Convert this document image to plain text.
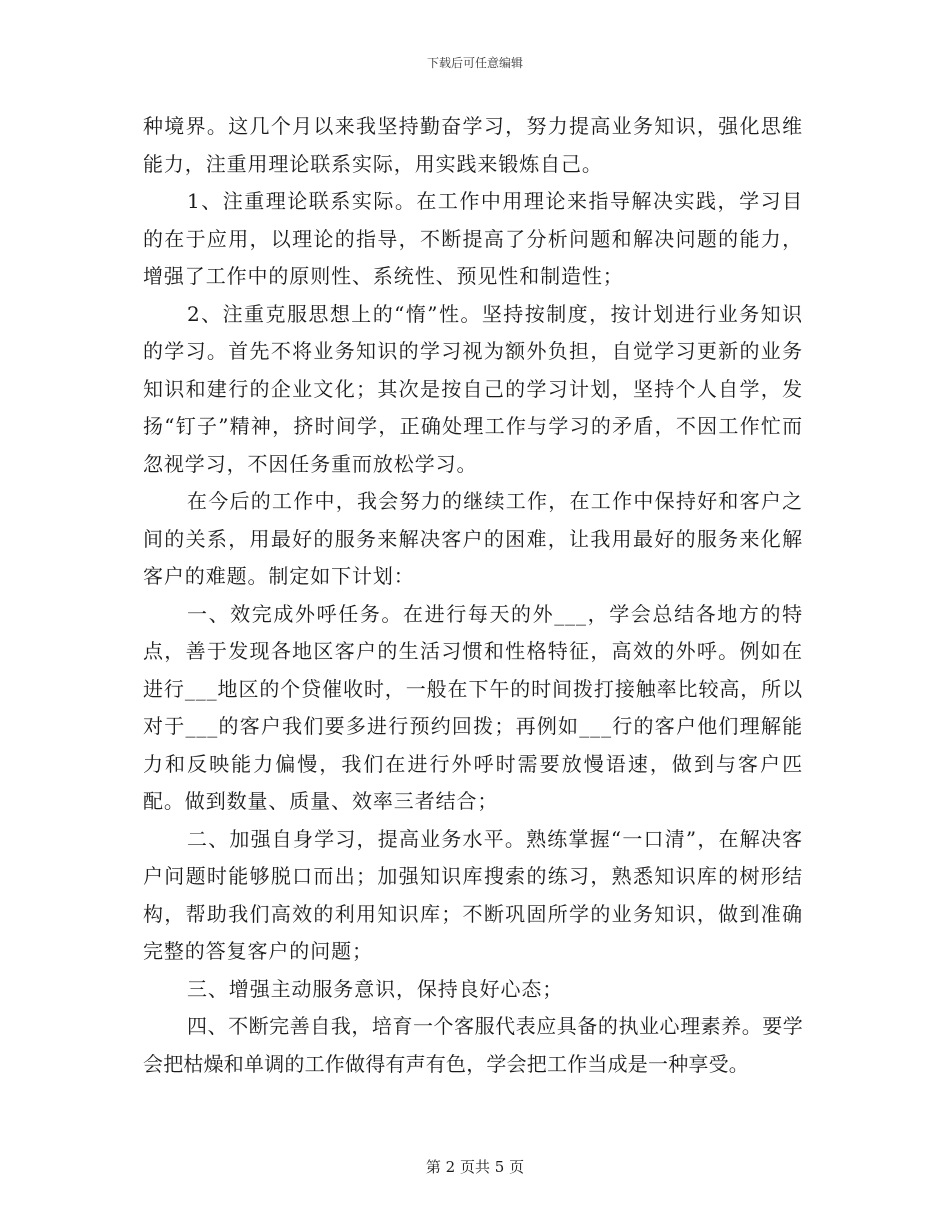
下载后可任意编辑

种境界。这几个月以来我坚持勤奋学习，努力提高业务知识，强化思维能力，注重用理论联系实际，用实践来锻炼自己。

1、注重理论联系实际。在工作中用理论来指导解决实践，学习目的在于应用，以理论的指导，不断提高了分析问题和解决问题的能力，增强了工作中的原则性、系统性、预见性和制造性；

2、注重克服思想上的“惰”性。坚持按制度，按计划进行业务知识的学习。首先不将业务知识的学习视为额外负担，自觉学习更新的业务知识和建行的企业文化；其次是按自己的学习计划，坚持个人自学，发扬“钉子”精神，挤时间学，正确处理工作与学习的矛盾，不因工作忙而忽视学习，不因任务重而放松学习。

在今后的工作中，我会努力的继续工作，在工作中保持好和客户之间的关系，用最好的服务来解决客户的困难，让我用最好的服务来化解客户的难题。制定如下计划：

一、效完成外呼任务。在进行每天的外___，学会总结各地方的特点，善于发现各地区客户的生活习惯和性格特征，高效的外呼。例如在进行___地区的个贷催收时，一般在下午的时间拨打接触率比较高，所以对于___的客户我们要多进行预约回拨；再例如___行的客户他们理解能力和反映能力偏慢，我们在进行外呼时需要放慢语速，做到与客户匹配。做到数量、质量、效率三者结合；

二、加强自身学习，提高业务水平。熟练掌握“一口清”，在解决客户问题时能够脱口而出；加强知识库搜索的练习，熟悉知识库的树形结构，帮助我们高效的利用知识库；不断巩固所学的业务知识，做到准确完整的答复客户的问题；

三、增强主动服务意识，保持良好心态；

四、不断完善自我，培育一个客服代表应具备的执业心理素养。要学会把枯燥和单调的工作做得有声有色，学会把工作当成是一种享受。

第 2 页共 5 页
